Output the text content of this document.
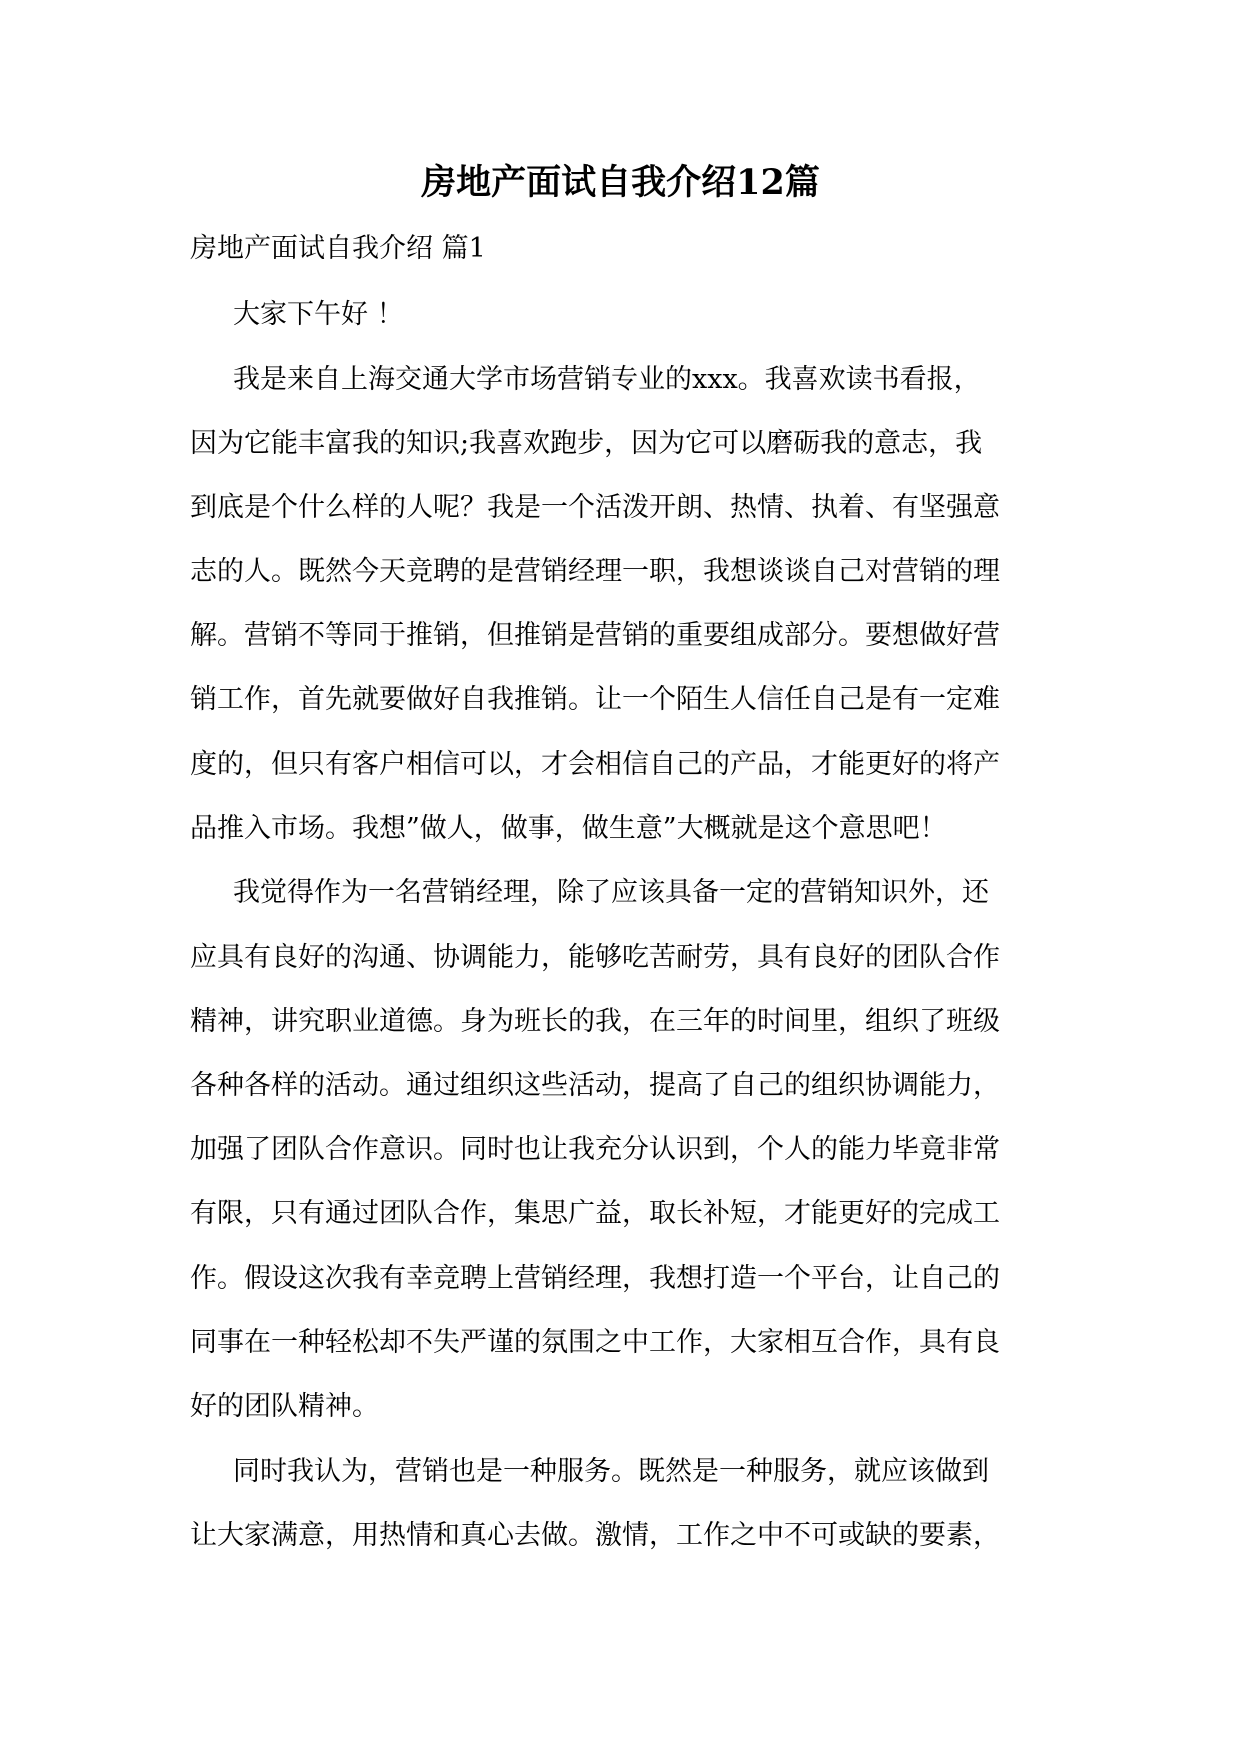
房地产面试自我介绍12篇
房地产面试自我介绍 篇1
大家下午好 ！
我是来自上海交通大学市场营销专业的xxx。我喜欢读书看报，
因为它能丰富我的知识;我喜欢跑步，因为它可以磨砺我的意志，我
到底是个什么样的人呢？我是一个活泼开朗、热情、执着、有坚强意
志的人。既然今天竞聘的是营销经理一职，我想谈谈自己对营销的理
解。营销不等同于推销，但推销是营销的重要组成部分。要想做好营
销工作，首先就要做好自我推销。让一个陌生人信任自己是有一定难
度的，但只有客户相信可以，才会相信自己的产品，才能更好的将产
品推入市场。我想”做人，做事，做生意”大概就是这个意思吧！
我觉得作为一名营销经理，除了应该具备一定的营销知识外，还
应具有良好的沟通、协调能力，能够吃苦耐劳，具有良好的团队合作
精神，讲究职业道德。身为班长的我，在三年的时间里，组织了班级
各种各样的活动。通过组织这些活动，提高了自己的组织协调能力，
加强了团队合作意识。同时也让我充分认识到，个人的能力毕竟非常
有限，只有通过团队合作，集思广益，取长补短，才能更好的完成工
作。假设这次我有幸竞聘上营销经理，我想打造一个平台，让自己的
同事在一种轻松却不失严谨的氛围之中工作，大家相互合作，具有良
好的团队精神。
同时我认为，营销也是一种服务。既然是一种服务，就应该做到
让大家满意，用热情和真心去做。激情，工作之中不可或缺的要素，
